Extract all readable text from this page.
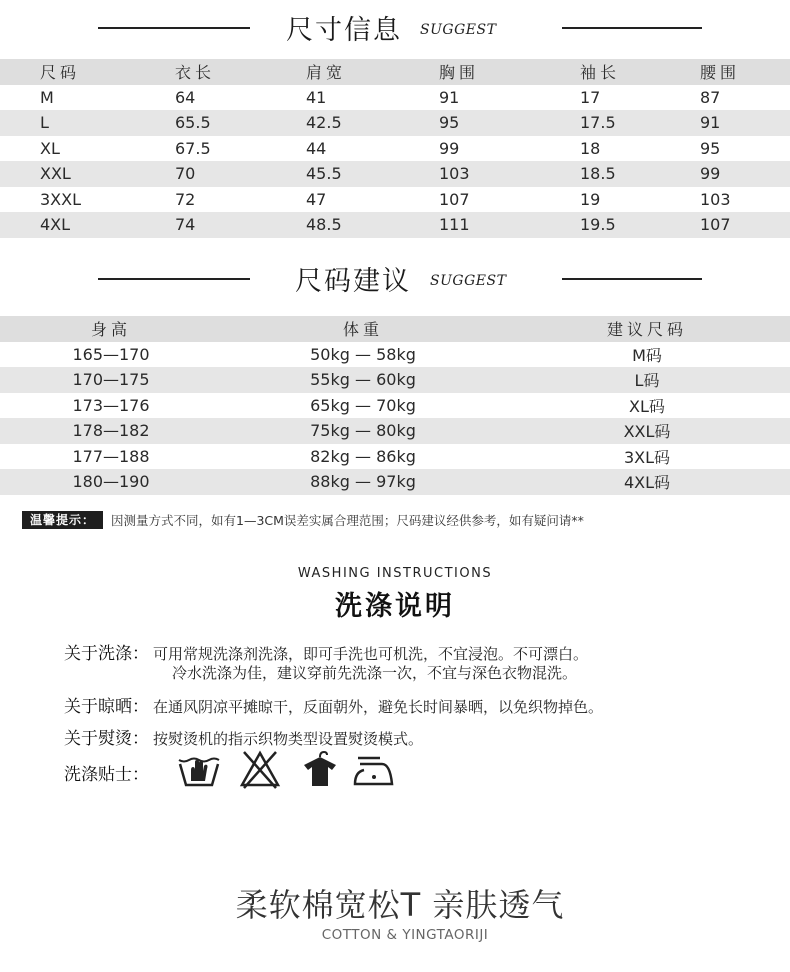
尺寸信息 SUGGEST
尺码	衣长	肩宽	胸围	袖长	腰围
M	64	41	91	17	87
L	65.5	42.5	95	17.5	91
XL	67.5	44	99	18	95
XXL	70	45.5	103	18.5	99
3XXL	72	47	107	19	103
4XL	74	48.5	111	19.5	107
尺码建议 SUGGEST
身高	体重	建议尺码
165—170	50kg — 58kg	M码
170—175	55kg — 60kg	L码
173—176	65kg — 70kg	XL码
178—182	75kg — 80kg	XXL码
177—188	82kg — 86kg	3XL码
180—190	88kg — 97kg	4XL码
温馨提示：	因测量方式不同，如有1—3CM误差实属合理范围；尺码建议经供参考，如有疑问请**
WASHING INSTRUCTIONS
洗涤说明
关于洗涤： 可用常规洗涤剂洗涤，即可手洗也可机洗，不宜浸泡。不可漂白。
冷水洗涤为佳，建议穿前先洗涤一次，不宜与深色衣物混洗。
关于晾晒： 在通风阴凉平摊晾干，反面朝外，避免长时间暴晒，以免织物掉色。
关于熨烫： 按熨烫机的指示织物类型设置熨烫模式。
洗涤贴士：
柔软棉宽松T 亲肤透气
COTTON & YINGTAORIJI
